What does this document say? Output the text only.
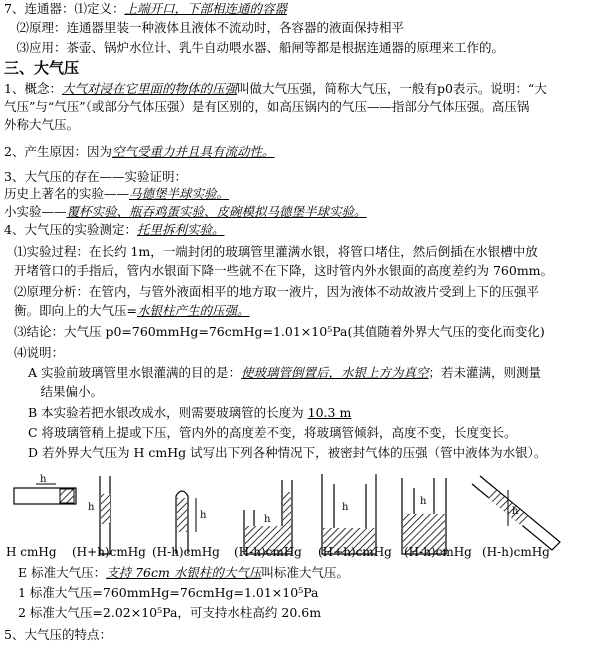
7、连通器：⑴定义：上端开口，下部相连通的容器
　⑵原理：连通器里装一种液体且液体不流动时，各容器的液面保持相平
　⑶应用：茶壶、锅炉水位计、乳牛自动喂水器、船闸等都是根据连通器的原理来工作的。
三、大气压
1、概念：大气对浸在它里面的物体的压强叫做大气压强，简称大气压，一般有p0表示。说明：“大
气压”与“气压”（或部分气体压强）是有区别的，如高压锅内的气压——指部分气体压强。高压锅
外称大气压。
2、产生原因：因为空气受重力并且具有流动性。
3、大气压的存在——实验证明：
历史上著名的实验——马德堡半球实验。
小实验——覆杯实验、瓶吞鸡蛋实验、皮碗模拟马德堡半球实验。
4、大气压的实验测定：托里拆利实验。
⑴实验过程：在长约 1m，一端封闭的玻璃管里灌满水银，将管口堵住，然后倒插在水银槽中放
开堵管口的手指后，管内水银面下降一些就不在下降，这时管内外水银面的高度差约为 760mm。
⑵原理分析：在管内，与管外液面相平的地方取一液片，因为液体不动故液片受到上下的压强平
衡。即向上的大气压=水银柱产生的压强。
⑶结论：大气压 p0=760mmHg=76cmHg=1.01×10⁵Pa(其值随着外界大气压的变化而变化)
⑷说明：
A 实验前玻璃管里水银灌满的目的是：使玻璃管倒置后，水银上方为真空；若未灌满，则测量
　结果偏小。
B 本实验若把水银改成水，则需要玻璃管的长度为 10.3 m
C 将玻璃管稍上提或下压，管内外的高度差不变，将玻璃管倾斜，高度不变，长度变长。
D 若外界大气压为 H cmHg 试写出下列各种情况下，被密封气体的压强（管中液体为水银）。
h
h
h	h
h
h
h
H cmHg (H+h)cmHg (H-h)cmHg (H-h)cmHg (H+h)cmHg (H-h)cmHg (H-h)cmHg
E 标准大气压：支持 76cm 水银柱的大气压叫标准大气压。
1 标准大气压=760mmHg=76cmHg=1.01×10⁵Pa
2 标准大气压=2.02×10⁵Pa，可支持水柱高约 20.6m
5、大气压的特点：
